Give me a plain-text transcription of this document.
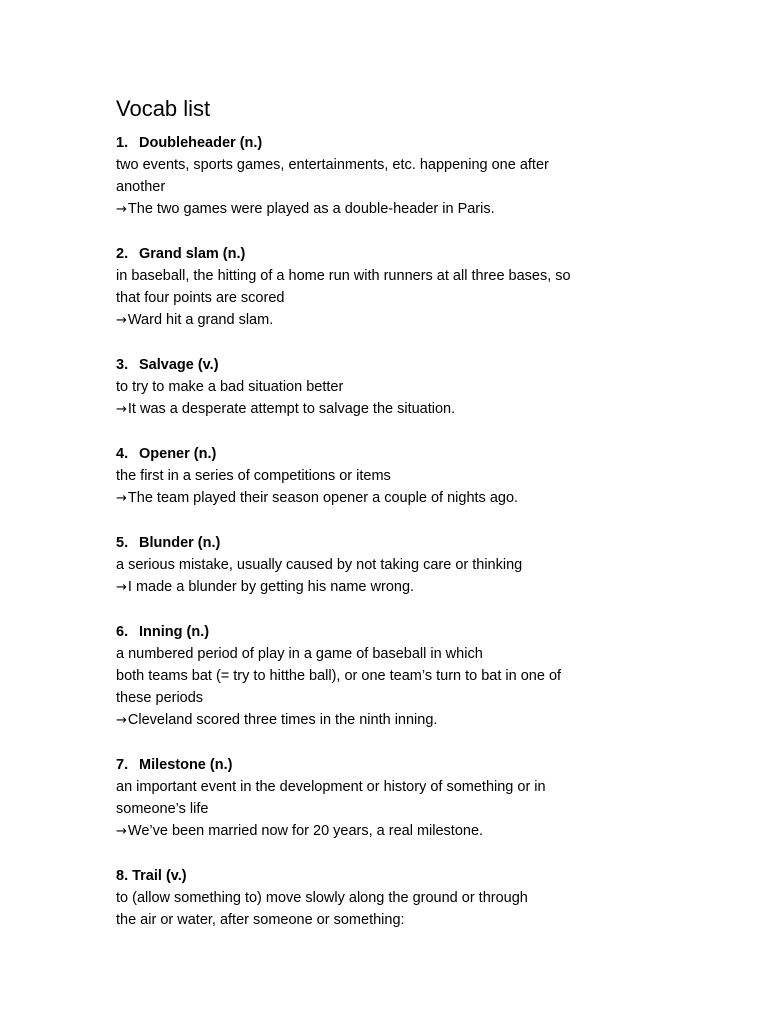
Vocab list
1. Doubleheader (n.)
two events, sports games, entertainments, etc. happening one after
another
→The two games were played as a double-header in Paris.
2. Grand slam (n.)
in baseball, the hitting of a home run with runners at all three bases, so
that four points are scored
→Ward hit a grand slam.
3. Salvage (v.)
to try to make a bad situation better
→It was a desperate attempt to salvage the situation.
4. Opener (n.)
the first in a series of competitions or items
→The team played their season opener a couple of nights ago.
5. Blunder (n.)
a serious mistake, usually caused by not taking care or thinking
→I made a blunder by getting his name wrong.
6. Inning (n.)
a numbered period of play in a game of baseball in which
both teams bat (= try to hitthe ball), or one team’s turn to bat in one of
these periods
→Cleveland scored three times in the ninth inning.
7. Milestone (n.)
an important event in the development or history of something or in
someone’s life
→We’ve been married now for 20 years, a real milestone.
8. Trail (v.)
to (allow something to) move slowly along the ground or through
the air or water, after someone or something:
